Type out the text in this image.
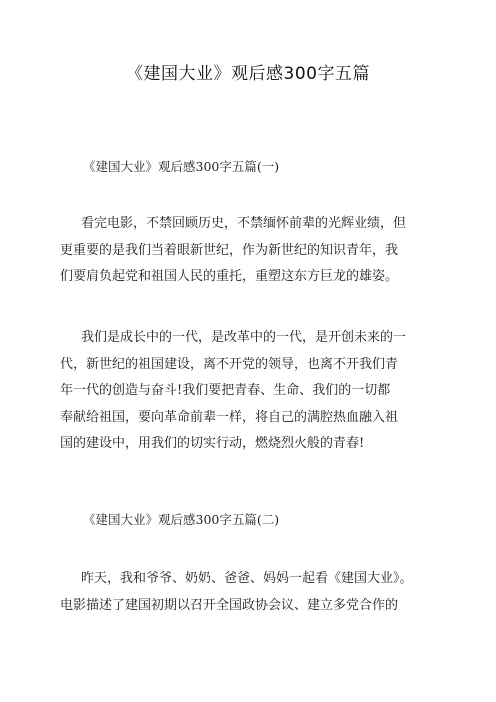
《建国大业》观后感300字五篇
《建国大业》观后感300字五篇(一)
看完电影，不禁回顾历史，不禁缅怀前辈的光辉业绩，但
更重要的是我们当着眼新世纪，作为新世纪的知识青年，我
们要肩负起党和祖国人民的重托，重塑这东方巨龙的雄姿。
我们是成长中的一代，是改革中的一代，是开创未来的一
代，新世纪的祖国建设，离不开党的领导，也离不开我们青
年一代的创造与奋斗!我们要把青春、生命、我们的一切都
奉献给祖国，要向革命前辈一样，将自己的满腔热血融入祖
国的建设中，用我们的切实行动，燃烧烈火般的青春!
《建国大业》观后感300字五篇(二)
昨天，我和爷爷、奶奶、爸爸、妈妈一起看《建国大业》。
电影描述了建国初期以召开全国政协会议、建立多党合作的
